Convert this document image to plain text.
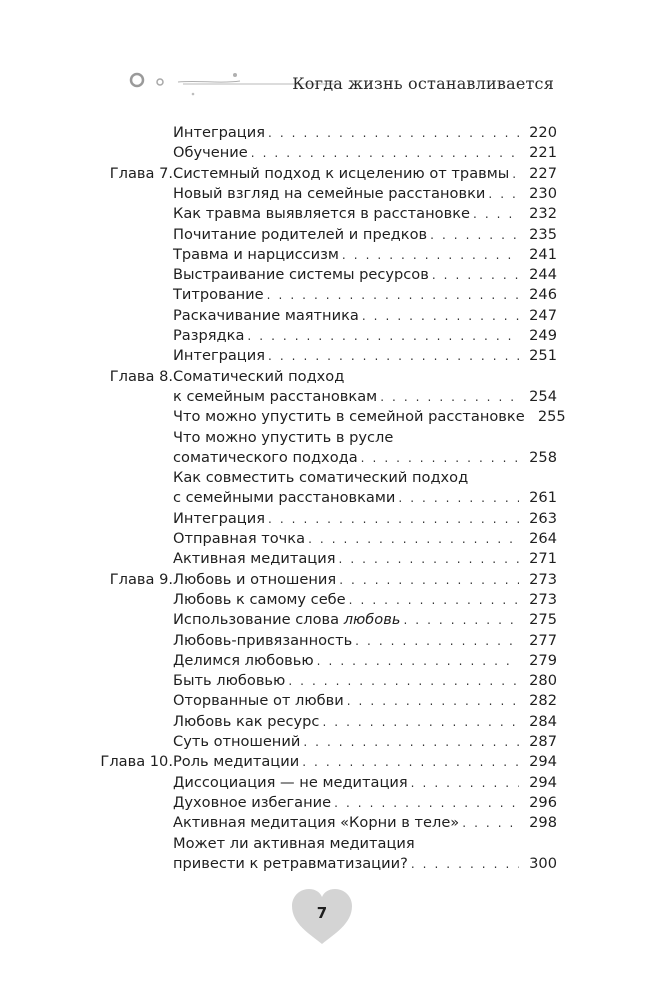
Когда жизнь останавливается
Интеграция . . .	220
Обучение . . .	221
Глава 7. Системный подход к исцелению от травмы . . .	227
Новый взгляд на семейные расстановки . . .	230
Как травма выявляется в расстановке . . .	232
Почитание родителей и предков . . .	235
Травма и нарциссизм . . .	241
Выстраивание системы ресурсов . . .	244
Титрование . . .	246
Раскачивание маятника . . .	247
Разрядка . . .	249
Интеграция . . .	251
Глава 8. Соматический подход
к семейным расстановкам . . .	254
Что можно упустить в семейной расстановке 255
Что можно упустить в русле
соматического подхода . . .	258
Как совместить соматический подход
с семейными расстановками . . .	261
Интеграция . . .	263
Отправная точка . . .	264
Активная медитация . . .	271
Глава 9. Любовь и отношения . . .	273
Любовь к самому себе . . .	273
Использование слова любовь . . .	275
Любовь-привязанность . . .	277
Делимся любовью . . .	279
Быть любовью . . .	280
Оторванные от любви . . .	282
Любовь как ресурс . . .	284
Суть отношений . . .	287
Глава 10. Роль медитации . . .	294
Диссоциация — не медитация . . .	294
Духовное избегание . . .	296
Активная медитация «Корни в теле» . . .	298
Может ли активная медитация
привести к ретравматизации? . . .	300
7
